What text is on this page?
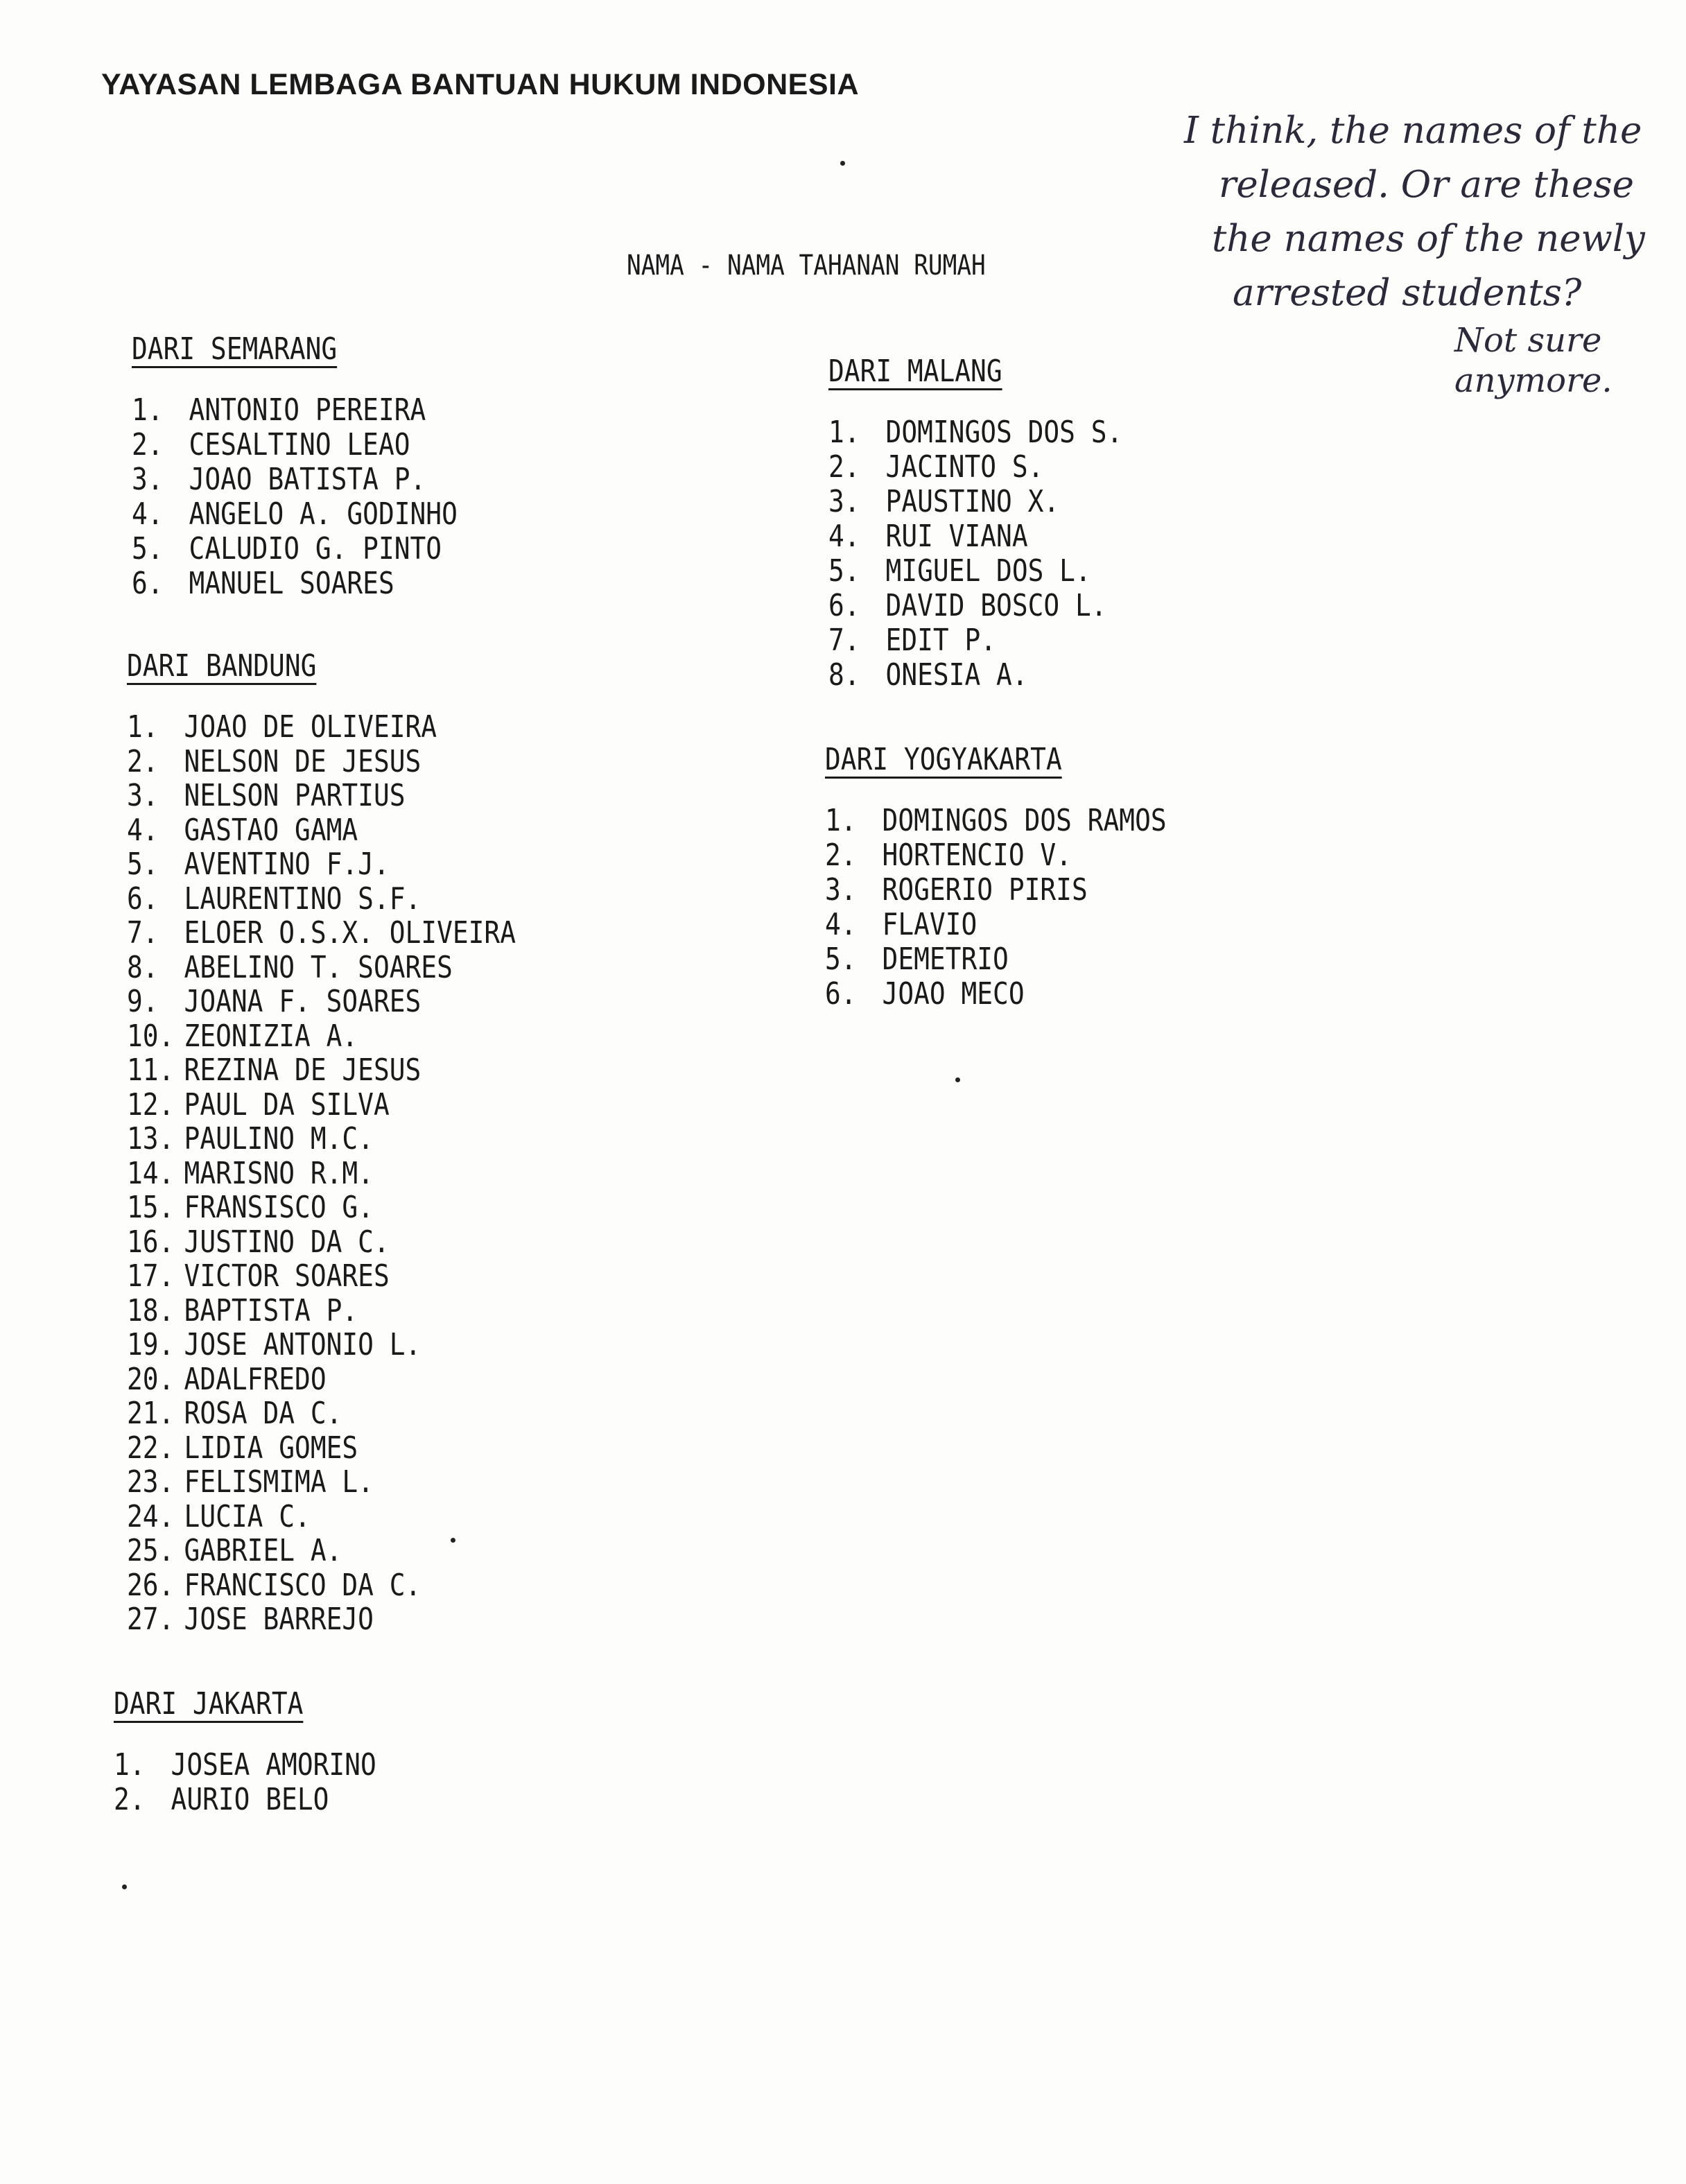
YAYASAN LEMBAGA BANTUAN HUKUM INDONESIA
NAMA - NAMA TAHANAN RUMAH
I think, the names of the
released. Or are these
the names of the newly
arrested students?
Not sure
anymore.
DARI SEMARANG
1. ANTONIO PEREIRA
2. CESALTINO LEAO
3. JOAO BATISTA P.
4. ANGELO A. GODINHO
5. CALUDIO G. PINTO
6. MANUEL SOARES
DARI BANDUNG
1. JOAO DE OLIVEIRA
2. NELSON DE JESUS
3. NELSON PARTIUS
4. GASTAO GAMA
5. AVENTINO F.J.
6. LAURENTINO S.F.
7. ELOER O.S.X. OLIVEIRA
8. ABELINO T. SOARES
9. JOANA F. SOARES
10. ZEONIZIA A.
11. REZINA DE JESUS
12. PAUL DA SILVA
13. PAULINO M.C.
14. MARISNO R.M.
15. FRANSISCO G.
16. JUSTINO DA C.
17. VICTOR SOARES
18. BAPTISTA P.
19. JOSE ANTONIO L.
20. ADALFREDO
21. ROSA DA C.
22. LIDIA GOMES
23. FELISMIMA L.
24. LUCIA C.
25. GABRIEL A.
26. FRANCISCO DA C.
27. JOSE BARREJO
DARI JAKARTA
1. JOSEA AMORINO
2. AURIO BELO
DARI MALANG
1. DOMINGOS DOS S.
2. JACINTO S.
3. PAUSTINO X.
4. RUI VIANA
5. MIGUEL DOS L.
6. DAVID BOSCO L.
7. EDIT P.
8. ONESIA A.
DARI YOGYAKARTA
1. DOMINGOS DOS RAMOS
2. HORTENCIO V.
3. ROGERIO PIRIS
4. FLAVIO
5. DEMETRIO
6. JOAO MECO
